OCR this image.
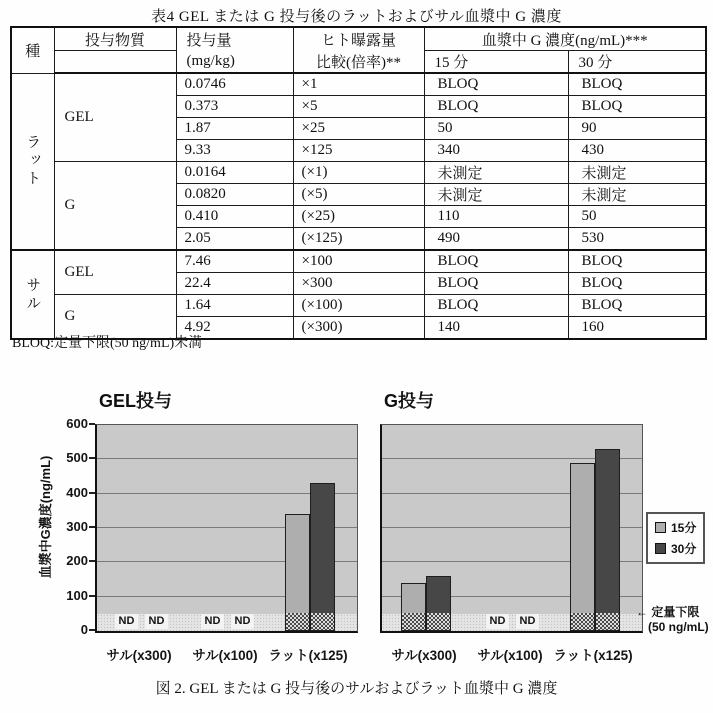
表4 GEL または G 投与後のラットおよびサル血漿中 G 濃度
種	投与物質	投与量	ヒト曝露量	血漿中 G 濃度(ng/mL)***	
		(mg/kg)	比較(倍率)**	15 分	30 分
ラット	GEL	0.0746	×1	BLOQ	BLOQ
		0.373	×5	BLOQ	BLOQ
		1.87	×25	50	90
		9.33	×125	340	430
	G	0.0164	(×1)	未測定	未測定
		0.0820	(×5)	未測定	未測定
		0.410	(×25)	110	50
		2.05	(×125)	490	530
サル	GEL	7.46	×100	BLOQ	BLOQ
		22.4	×300	BLOQ	BLOQ
	G	1.64	(×100)	BLOQ	BLOQ
		4.92	(×300)	140	160
BLOQ:定量下限(50 ng/mL)未満
GEL投与	G投与
血漿中G濃度(ng/mL)
ND	ND	ND	ND	ND	ND
15分
30分
← 定量下限
(50 ng/mL)
図 2. GEL または G 投与後のサルおよびラット血漿中 G 濃度
サル(x300)	サル(x100) ラット(x125)
0
100
200
300
400
500
600
サル(x300)	サル(x100) ラット(x125)
